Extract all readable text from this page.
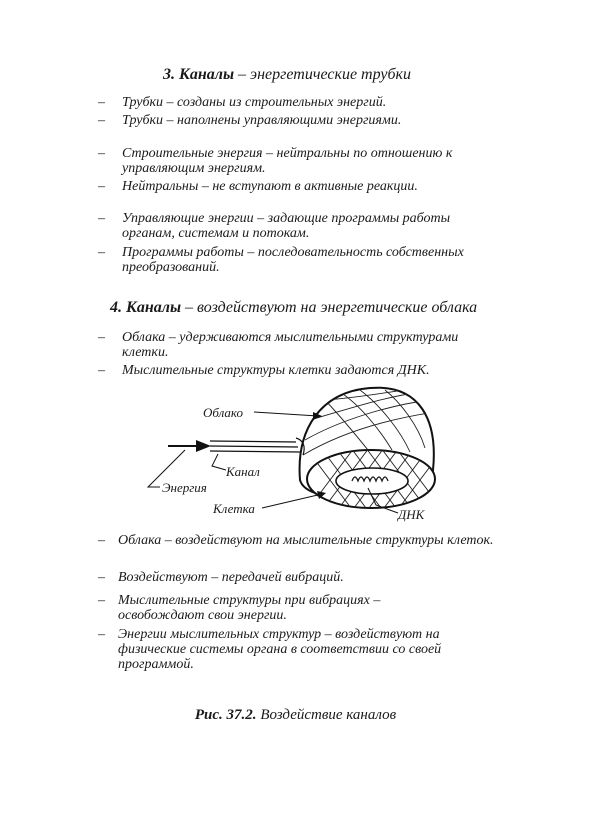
3. Каналы – энергетические трубки
– Трубки – созданы из строительных энергий.
– Трубки – наполнены управляющими энергиями.
– Строительные энергия – нейтральны по отношению к управляющим энергиям.
– Нейтральны – не вступают в активные реакции.
– Управляющие энергии – задающие программы работы органам, системам и потокам.
– Программы работы – последовательность собственных преобразований.
4. Каналы – воздействуют на энергетические облака
– Облака – удерживаются мыслительными структурами клетки.
– Мыслительные структуры клетки задаются ДНК.
Облако
Канал
Энергия
Клетка	ДНК
– Облака – воздействуют на мыслительные структуры клеток.
– Воздействуют – передачей вибраций.
– Мыслительные структуры при вибрациях – освобождают свои энергии.
– Энергии мыслительных структур – воздействуют на физические системы органа в соответствии со своей программой.
Рис. 37.2. Воздействие каналов
